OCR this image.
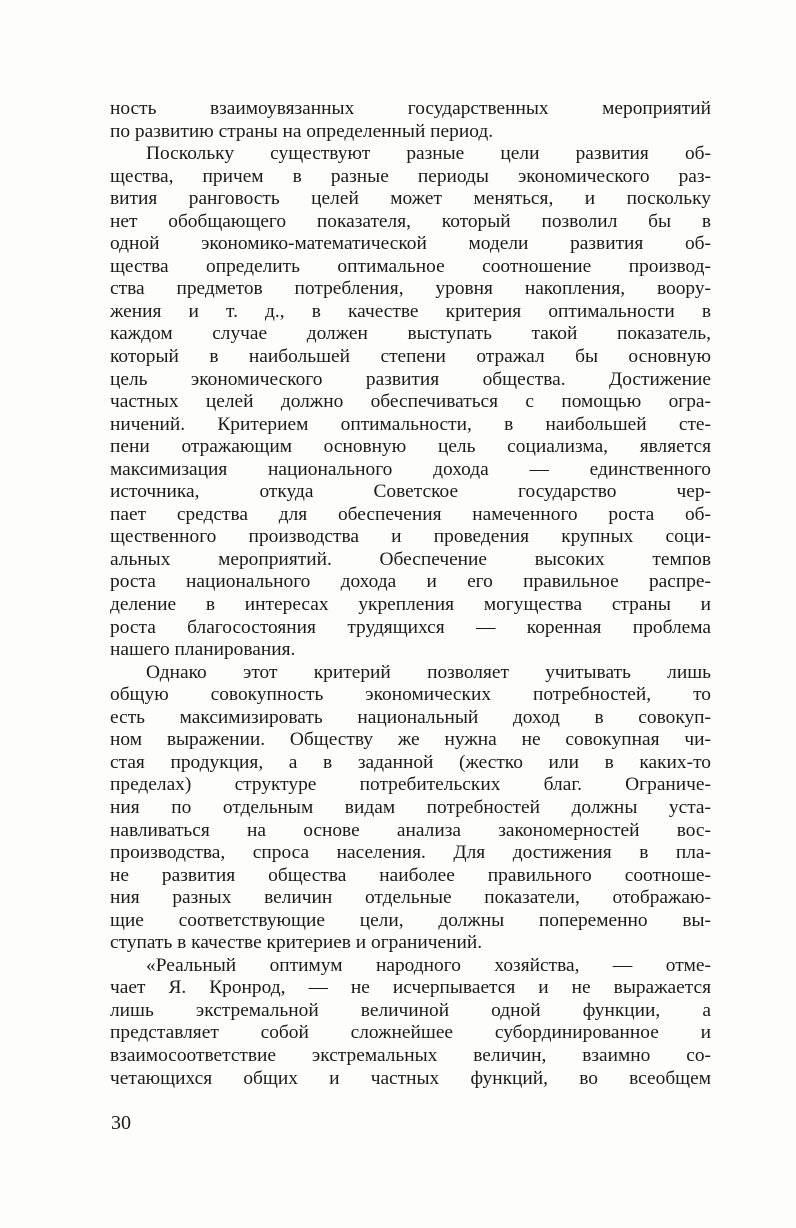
ность взаимоувязанных государственных мероприятий
по развитию страны на определенный период.
Поскольку существуют разные цели развития об-
щества, причем в разные периоды экономического раз-
вития ранговость целей может меняться, и поскольку
нет обобщающего показателя, который позволил бы в
одной экономико-математической модели развития об-
щества определить оптимальное соотношение производ-
ства предметов потребления, уровня накопления, воору-
жения и т. д., в качестве критерия оптимальности в
каждом случае должен выступать такой показатель,
который в наибольшей степени отражал бы основную
цель экономического развития общества. Достижение
частных целей должно обеспечиваться с помощью огра-
ничений. Критерием оптимальности, в наибольшей сте-
пени отражающим основную цель социализма, является
максимизация национального дохода — единственного
источника, откуда Советское государство чер-
пает средства для обеспечения намеченного роста об-
щественного производства и проведения крупных соци-
альных мероприятий. Обеспечение высоких темпов
роста национального дохода и его правильное распре-
деление в интересах укрепления могущества страны и
роста благосостояния трудящихся — коренная проблема
нашего планирования.
Однако этот критерий позволяет учитывать лишь
общую совокупность экономических потребностей, то
есть максимизировать национальный доход в совокуп-
ном выражении. Обществу же нужна не совокупная чи-
стая продукция, а в заданной (жестко или в каких-то
пределах) структуре потребительских благ. Ограниче-
ния по отдельным видам потребностей должны уста-
навливаться на основе анализа закономерностей вос-
производства, спроса населения. Для достижения в пла-
не развития общества наиболее правильного соотноше-
ния разных величин отдельные показатели, отображаю-
щие соответствующие цели, должны попеременно вы-
ступать в качестве критериев и ограничений.
«Реальный оптимум народного хозяйства, — отме-
чает Я. Кронрод, — не исчерпывается и не выражается
лишь экстремальной величиной одной функции, а
представляет собой сложнейшее субординированное и
взаимосоответствие экстремальных величин, взаимно со-
четающихся общих и частных функций, во всеобщем
30
